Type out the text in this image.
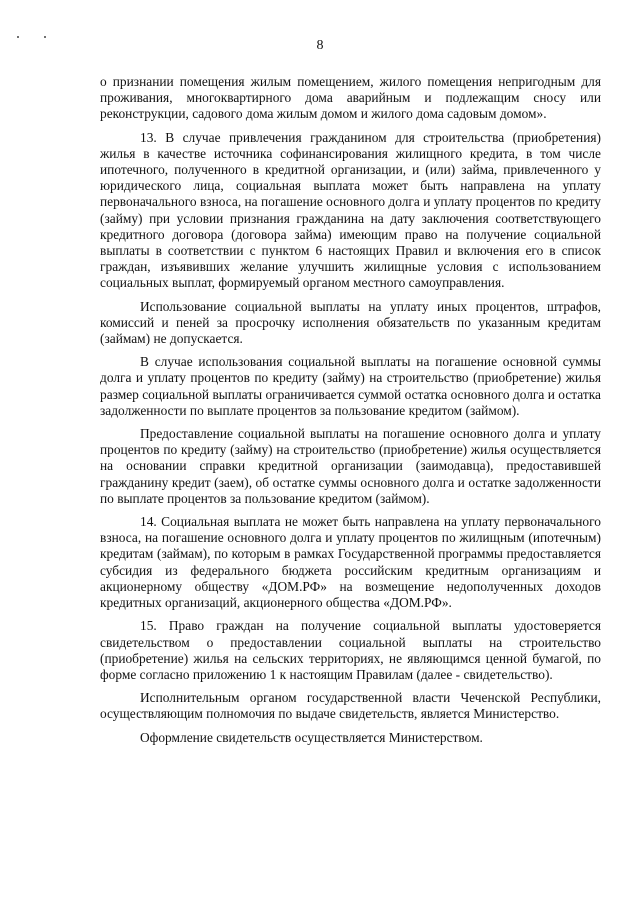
8

о признании помещения жилым помещением, жилого помещения непригодным для проживания, многоквартирного дома аварийным и подлежащим сносу или реконструкции, садового дома жилым домом и жилого дома садовым домом».

13. В случае привлечения гражданином для строительства (приобретения) жилья в качестве источника софинансирования жилищного кредита, в том числе ипотечного, полученного в кредитной организации, и (или) займа, привлеченного у юридического лица, социальная выплата может быть направлена на уплату первоначального взноса, на погашение основного долга и уплату процентов по кредиту (займу) при условии признания гражданина на дату заключения соответствующего кредитного договора (договора займа) имеющим право на получение социальной выплаты в соответствии с пунктом 6 настоящих Правил и включения его в список граждан, изъявивших желание улучшить жилищные условия с использованием социальных выплат, формируемый органом местного самоуправления.

Использование социальной выплаты на уплату иных процентов, штрафов, комиссий и пеней за просрочку исполнения обязательств по указанным кредитам (займам) не допускается.

В случае использования социальной выплаты на погашение основной суммы долга и уплату процентов по кредиту (займу) на строительство (приобретение) жилья размер социальной выплаты ограничивается суммой остатка основного долга и остатка задолженности по выплате процентов за пользование кредитом (займом).

Предоставление социальной выплаты на погашение основного долга и уплату процентов по кредиту (займу) на строительство (приобретение) жилья осуществляется на основании справки кредитной организации (заимодавца), предоставившей гражданину кредит (заем), об остатке суммы основного долга и остатке задолженности по выплате процентов за пользование кредитом (займом).

14. Социальная выплата не может быть направлена на уплату первоначального взноса, на погашение основного долга и уплату процентов по жилищным (ипотечным) кредитам (займам), по которым в рамках Государственной программы предоставляется субсидия из федерального бюджета российским кредитным организациям и акционерному обществу «ДОМ.РФ» на возмещение недополученных доходов кредитных организаций, акционерного общества «ДОМ.РФ».

15. Право граждан на получение социальной выплаты удостоверяется свидетельством о предоставлении социальной выплаты на строительство (приобретение) жилья на сельских территориях, не являющимся ценной бумагой, по форме согласно приложению 1 к настоящим Правилам (далее - свидетельство).

Исполнительным органом государственной власти Чеченской Республики, осуществляющим полномочия по выдаче свидетельств, является Министерство.

Оформление свидетельств осуществляется Министерством.
